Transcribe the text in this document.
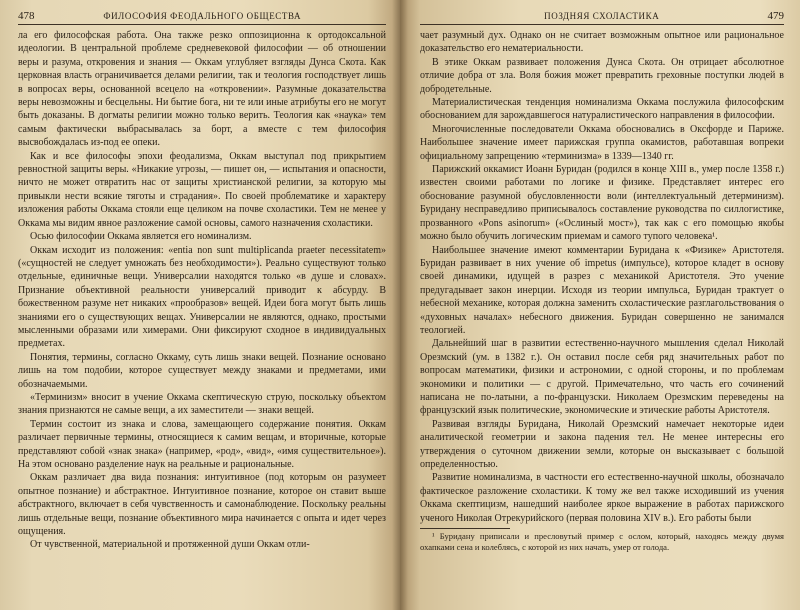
478	ФИЛОСОФИЯ ФЕОДАЛЬНОГО ОБЩЕСТВА

ла его философская работа. Она также резко оппозиционна к ортодоксальной идеологии. В центральной проблеме средневековой философии — об отношении веры и разума, откровения и знания — Оккам углубляет взгляды Дунса Скота. Как церковная власть ограничивается делами религии, так и теология господствует лишь в вопросах веры, основанной всецело на «откровении». Разумные доказательства веры невозможны и бесцельны. Ни бытие бога, ни те или иные атрибуты его не могут быть доказаны. В догматы религии можно только верить. Теология как «наука» тем самым фактически выбрасывалась за борт, а вместе с тем философия высвобождалась из-под ее опеки.

Как и все философы эпохи феодализма, Оккам выступал под прикрытием ревностной защиты веры. «Никакие угрозы, — пишет он, — испытания и опасности, ничто не может отвратить нас от защиты христианской религии, за которую мы привыкли нести всякие тяготы и страдания». По своей проблематике и характеру изложения работы Оккама стояли еще целиком на почве схоластики. Тем не менее у Оккама мы видим явное разложение самой основы, самого назначения схоластики.

Осью философии Оккама является его номинализм.

Оккам исходит из положения: «entia non sunt multiplicanda praeter necessitatem» («сущностей не следует умножать без необходимости»). Реально существуют только отдельные, единичные вещи. Универсалии находятся только «в душе и словах». Признание объективной реальности универсалий приводит к абсурду. В божественном разуме нет никаких «прообразов» вещей. Идеи бога могут быть лишь знаниями его о существующих вещах. Универсалии не являются, однако, простыми мысленными образами или химерами. Они фиксируют сходное в индивидуальных предметах.

Понятия, термины, согласно Оккаму, суть лишь знаки вещей. Познание основано лишь на том подобии, которое существует между знаками и предметами, ими обозначаемыми.

«Терминизм» вносит в учение Оккама скептическую струю, поскольку объектом знания признаются не самые вещи, а их заместители — знаки вещей.

Термин состоит из знака и слова, замещающего содержание понятия. Оккам различает первичные термины, относящиеся к самим вещам, и вторичные, которые представляют собой «знак знака» (например, «род», «вид», «имя существительное»). На этом основано разделение наук на реальные и рациональные.

Оккам различает два вида познания: интуитивное (под которым он разумеет опытное познание) и абстрактное. Интуитивное познание, которое он ставит выше абстрактного, включает в себя чувственность и самонаблюдение. Поскольку реальны лишь отдельные вещи, познание объективного мира начинается с опыта и идет через ощущения.

От чувственной, материальной и протяженной души Оккам отли-

ПОЗДНЯЯ СХОЛАСТИКА	479

чает разумный дух. Однако он не считает возможным опытное или рациональное доказательство его нематериальности.

В этике Оккам развивает положения Дунса Скота. Он отрицает абсолютное отличие добра от зла. Воля божия может превратить греховные поступки людей в добродетельные.

Материалистическая тенденция номинализма Оккама послужила философским обоснованием для зарождавшегося натуралистического направления в философии.

Многочисленные последователи Оккама обосновались в Оксфорде и Париже. Наибольшее значение имеет парижская группа окамистов, работавшая вопреки официальному запрещению «терминизма» в 1339—1340 гг.

Парижский оккамист Иоанн Буридан (родился в конце XIII в., умер после 1358 г.) известен своими работами по логике и физике. Представляет интерес его обоснование разумной обусловленности воли (интеллектуальный детерминизм). Буридану несправедливо приписывалось составление руководства по силлогистике, прозванного «Pons asinorum» («Ослиный мост»), так как с его помощью якобы можно было обучить логическим приемам и самого тупого человека¹.

Наибольшее значение имеют комментарии Буридана к «Физике» Аристотеля. Буридан развивает в них учение об impetus (импульсе), которое кладет в основу своей динамики, идущей в разрез с механикой Аристотеля. Это учение предугадывает закон инерции. Исходя из теории импульса, Буридан трактует о небесной механике, которая должна заменить схоластические разглагольствования о «духовных началах» небесного движения. Буридан совершенно не занимался теологией.

Дальнейший шаг в развитии естественно-научного мышления сделал Николай Орезмский (ум. в 1382 г.). Он оставил после себя ряд значительных работ по вопросам математики, физики и астрономии, с одной стороны, и по проблемам экономики и политики — с другой. Примечательно, что часть его сочинений написана не по-латыни, а по-французски. Николаем Орезмским переведены на французский язык политические, экономические и этические работы Аристотеля.

Развивая взгляды Буридана, Николай Орезмский намечает некоторые идеи аналитической геометрии и закона падения тел. Не менее интересны его утверждения о суточном движении земли, которые он высказывает с большой определенностью.

Развитие номинализма, в частности его естественно-научной школы, обозначало фактическое разложение схоластики. К тому же вел также исходивший из учения Оккама скептицизм, нашедший наиболее яркое выражение в работах парижского ученого Николая Отрекурийского (первая половина XIV в.). Его работы были

¹ Буридану приписали и пресловутый пример с ослом, который, находясь между двумя охапками сена и колеблясь, с которой из них начать, умер от голода.
